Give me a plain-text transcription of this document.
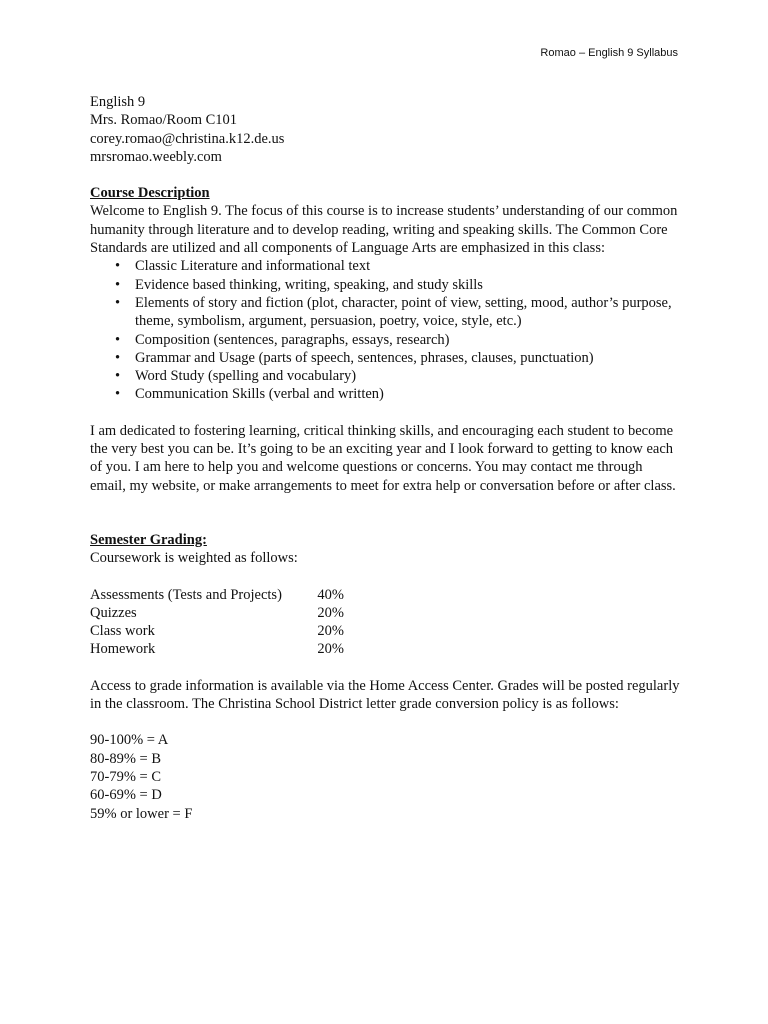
Romao – English 9 Syllabus
English 9
Mrs. Romao/Room C101
corey.romao@christina.k12.de.us
mrsromao.weebly.com
Course Description
Welcome to English 9. The focus of this course is to increase students’ understanding of our common humanity through literature and to develop reading, writing and speaking skills. The Common Core Standards are utilized and all components of Language Arts are emphasized in this class:
• Classic Literature and informational text
• Evidence based thinking, writing, speaking, and study skills
• Elements of story and fiction (plot, character, point of view, setting, mood, author’s purpose, theme, symbolism, argument, persuasion, poetry, voice, style, etc.)
• Composition (sentences, paragraphs, essays, research)
• Grammar and Usage (parts of speech, sentences, phrases, clauses, punctuation)
• Word Study (spelling and vocabulary)
• Communication Skills (verbal and written)
I am dedicated to fostering learning, critical thinking skills, and encouraging each student to become the very best you can be. It’s going to be an exciting year and I look forward to getting to know each of you. I am here to help you and welcome questions or concerns. You may contact me through email, my website, or make arrangements to meet for extra help or conversation before or after class.
Semester Grading:
Coursework is weighted as follows:
Assessments (Tests and Projects)	40%
Quizzes	20%
Class work	20%
Homework	20%
Access to grade information is available via the Home Access Center. Grades will be posted regularly in the classroom. The Christina School District letter grade conversion policy is as follows:
90-100% = A
80-89% = B
70-79% = C
60-69% = D
59% or lower = F
